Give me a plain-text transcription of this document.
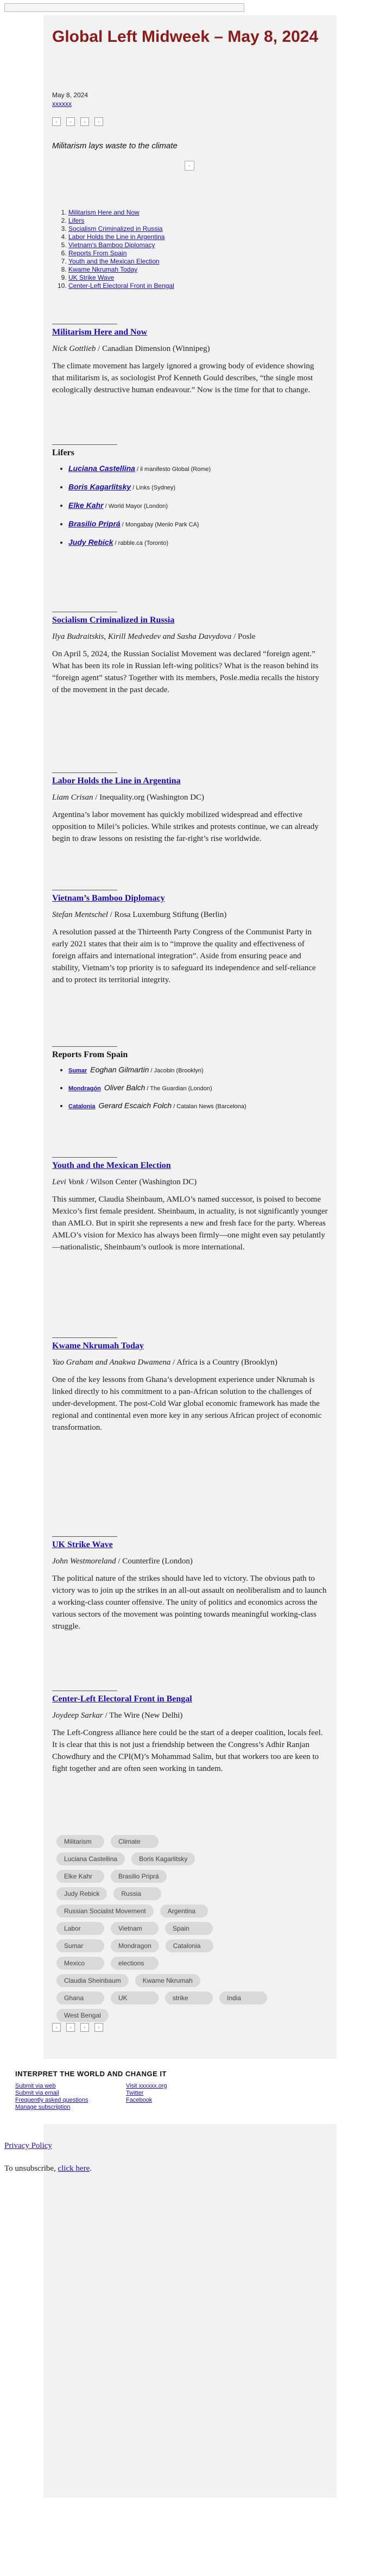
Global Left Midweek – May 8, 2024
May 8, 2024
xxxxxx
▫	▫	▫	▫
Militarism lays waste to the climate
▫
1. Militarism Here and Now
2. Lifers
3. Socialism Criminalized in Russia
4. Labor Holds the Line in Argentina
5. Vietnam's Bamboo Diplomacy
6. Reports From Spain
7. Youth and the Mexican Election
8. Kwame Nkrumah Today
9. UK Strike Wave
10. Center-Left Electoral Front in Bengal
Militarism Here and Now

Nick Gottlieb / Canadian Dimension (Winnipeg)

The climate movement has largely ignored a growing body of evidence showing that militarism is, as sociologist Prof Kenneth Gould describes, “the single most ecologically destructive human endeavour.” Now is the time for that to change.

Lifers
• Luciana Castellina / il manifesto Global (Rome)
• Boris Kagarlitsky / Links (Sydney)
• Elke Kahr / World Mayor (London)
• Brasilio Priprá / Mongabay (Menlo Park CA)
• Judy Rebick / rabble.ca (Toronto)
Socialism Criminalized in Russia

Ilya Budraitskis, Kirill Medvedev and Sasha Davydova / Posle

On April 5, 2024, the Russian Socialist Movement was declared “foreign agent.” What has been its role in Russian left-wing politics? What is the reason behind its “foreign agent” status? Together with its members, Posle.media recalls the history of the movement in the past decade.

Labor Holds the Line in Argentina

Liam Crisan / Inequality.org (Washington DC)

Argentina’s labor movement has quickly mobilized widespread and effective opposition to Milei’s policies. While strikes and protests continue, we can already begin to draw lessons on resisting the far-right’s rise worldwide.

Vietnam’s Bamboo Diplomacy

Stefan Mentschel / Rosa Luxemburg Stiftung (Berlin)

A resolution passed at the Thirteenth Party Congress of the Communist Party in early 2021 states that their aim is to “improve the quality and effectiveness of foreign affairs and international integration”. Aside from ensuring peace and stability, Vietnam’s top priority is to safeguard its independence and self-reliance and to protect its territorial integrity.

Reports From Spain
• Sumar Eoghan Gilmartin / Jacobin (Brooklyn)
• Mondragón Oliver Balch / The Guardian (London)
• Catalonia Gerard Escaich Folch / Catalan News (Barcelona)
Youth and the Mexican Election

Levi Vonk / Wilson Center (Washington DC)

This summer, Claudia Sheinbaum, AMLO’s named successor, is poised to become Mexico’s first female president. Sheinbaum, in actuality, is not significantly younger than AMLO. But in spirit she represents a new and fresh face for the party. Whereas AMLO’s vision for Mexico has always been firmly—one might even say petulantly—nationalistic, Sheinbaum’s outlook is more international.

Kwame Nkrumah Today

Yao Graham and Anakwa Dwamena / Africa is a Country (Brooklyn)

One of the key lessons from Ghana’s development experience under Nkrumah is linked directly to his commitment to a pan-African solution to the challenges of under-development. The post-Cold War global economic framework has made the regional and continental even more key in any serious African project of economic transformation.

UK Strike Wave

John Westmoreland / Counterfire (London)

The political nature of the strikes should have led to victory. The obvious path to victory was to join up the strikes in an all-out assault on neoliberalism and to launch a working-class counter offensive. The unity of politics and economics across the various sectors of the movement was pointing towards meaningful working-class struggle.

Center-Left Electoral Front in Bengal

Joydeep Sarkar / The Wire (New Delhi)

The Left-Congress alliance here could be the start of a deeper coalition, locals feel. It is clear that this is not just a friendship between the Congress’s Adhir Ranjan Chowdhury and the CPI(M)’s Mohammad Salim, but that workers too are keen to fight together and are often seen working in tandem.

Militarism	Climate
Luciana Castellina	Boris Kagarlitsky
Elke Kahr	Brasilio Priprá
Judy Rebick	Russia
Russian Socialist Movement	Argentina
Labor	Vietnam	Spain
Sumar	Mondragon	Catalonia
Mexico	elections
Claudia Sheinbaum	Kwame Nkrumah
Ghana	UK	strike	India
West Bengal
▫	▫	▫	▫
INTERPRET THE WORLD AND CHANGE IT
Submit via web
Submit via email
Frequently asked questions
Manage subscription
Visit xxxxxx.org
Twitter
Facebook
Privacy Policy
To unsubscribe, click here.
